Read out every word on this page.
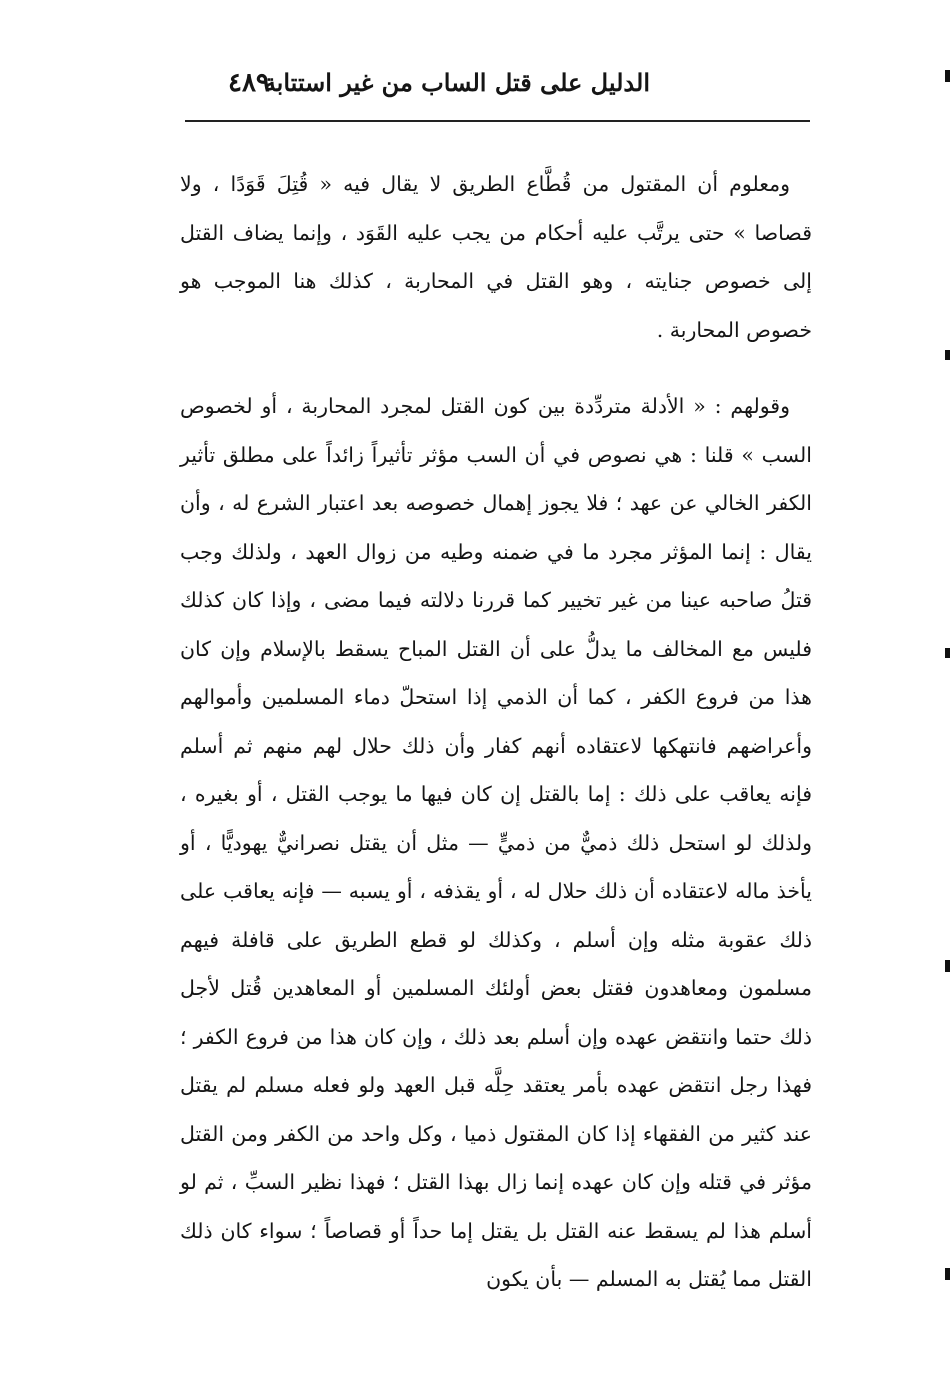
الدليل على قتل الساب من غير استتابة
٤٨٩

ومعلوم أن المقتول من قُطَّاع الطريق لا يقال فيه « قُتِلَ قَوَدًا ، ولا قصاصا » حتى يرتَّب عليه أحكام من يجب عليه القَوَد ، وإنما يضاف القتل إلى خصوص جنايته ، وهو القتل في المحاربة ، كذلك هنا الموجب هو خصوص المحاربة .

وقولهم : « الأدلة متردِّدة بين كون القتل لمجرد المحاربة ، أو لخصوص السب » قلنا : هي نصوص في أن السب مؤثر تأثيراً زائداً على مطلق تأثير الكفر الخالي عن عهد ؛ فلا يجوز إهمال خصوصه بعد اعتبار الشرع له ، وأن يقال : إنما المؤثر مجرد ما في ضمنه وطيه من زوال العهد ، ولذلك وجب قتلُ صاحبه عينا من غير تخيير كما قررنا دلالته فيما مضى ، وإذا كان كذلك فليس مع المخالف ما يدلُّ على أن القتل المباح يسقط بالإسلام وإن كان هذا من فروع الكفر ، كما أن الذمي إذا استحلّ دماء المسلمين وأموالهم وأعراضهم فانتهكها لاعتقاده أنهم كفار وأن ذلك حلال لهم منهم ثم أسلم فإنه يعاقب على ذلك : إما بالقتل إن كان فيها ما يوجب القتل ، أو بغيره ، ولذلك لو استحل ذلك ذميٌّ من ذميٍّ — مثل أن يقتل نصرانيٌّ يهوديًّا ، أو يأخذ ماله لاعتقاده أن ذلك حلال له ، أو يقذفه ، أو يسبه — فإنه يعاقب على ذلك عقوبة مثله وإن أسلم ، وكذلك لو قطع الطريق على قافلة فيهم مسلمون ومعاهدون فقتل بعض أولئك المسلمين أو المعاهدين قُتل لأجل ذلك حتما وانتقض عهده وإن أسلم بعد ذلك ، وإن كان هذا من فروع الكفر ؛ فهذا رجل انتقض عهده بأمر يعتقد حِلَّه قبل العهد ولو فعله مسلم لم يقتل عند كثير من الفقهاء إذا كان المقتول ذميا ، وكل واحد من الكفر ومن القتل مؤثر في قتله وإن كان عهده إنما زال بهذا القتل ؛ فهذا نظير السبِّ ، ثم لو أسلم هذا لم يسقط عنه القتل بل يقتل إما حداً أو قصاصاً ؛ سواء كان ذلك القتل مما يُقتل به المسلم — بأن يكون
